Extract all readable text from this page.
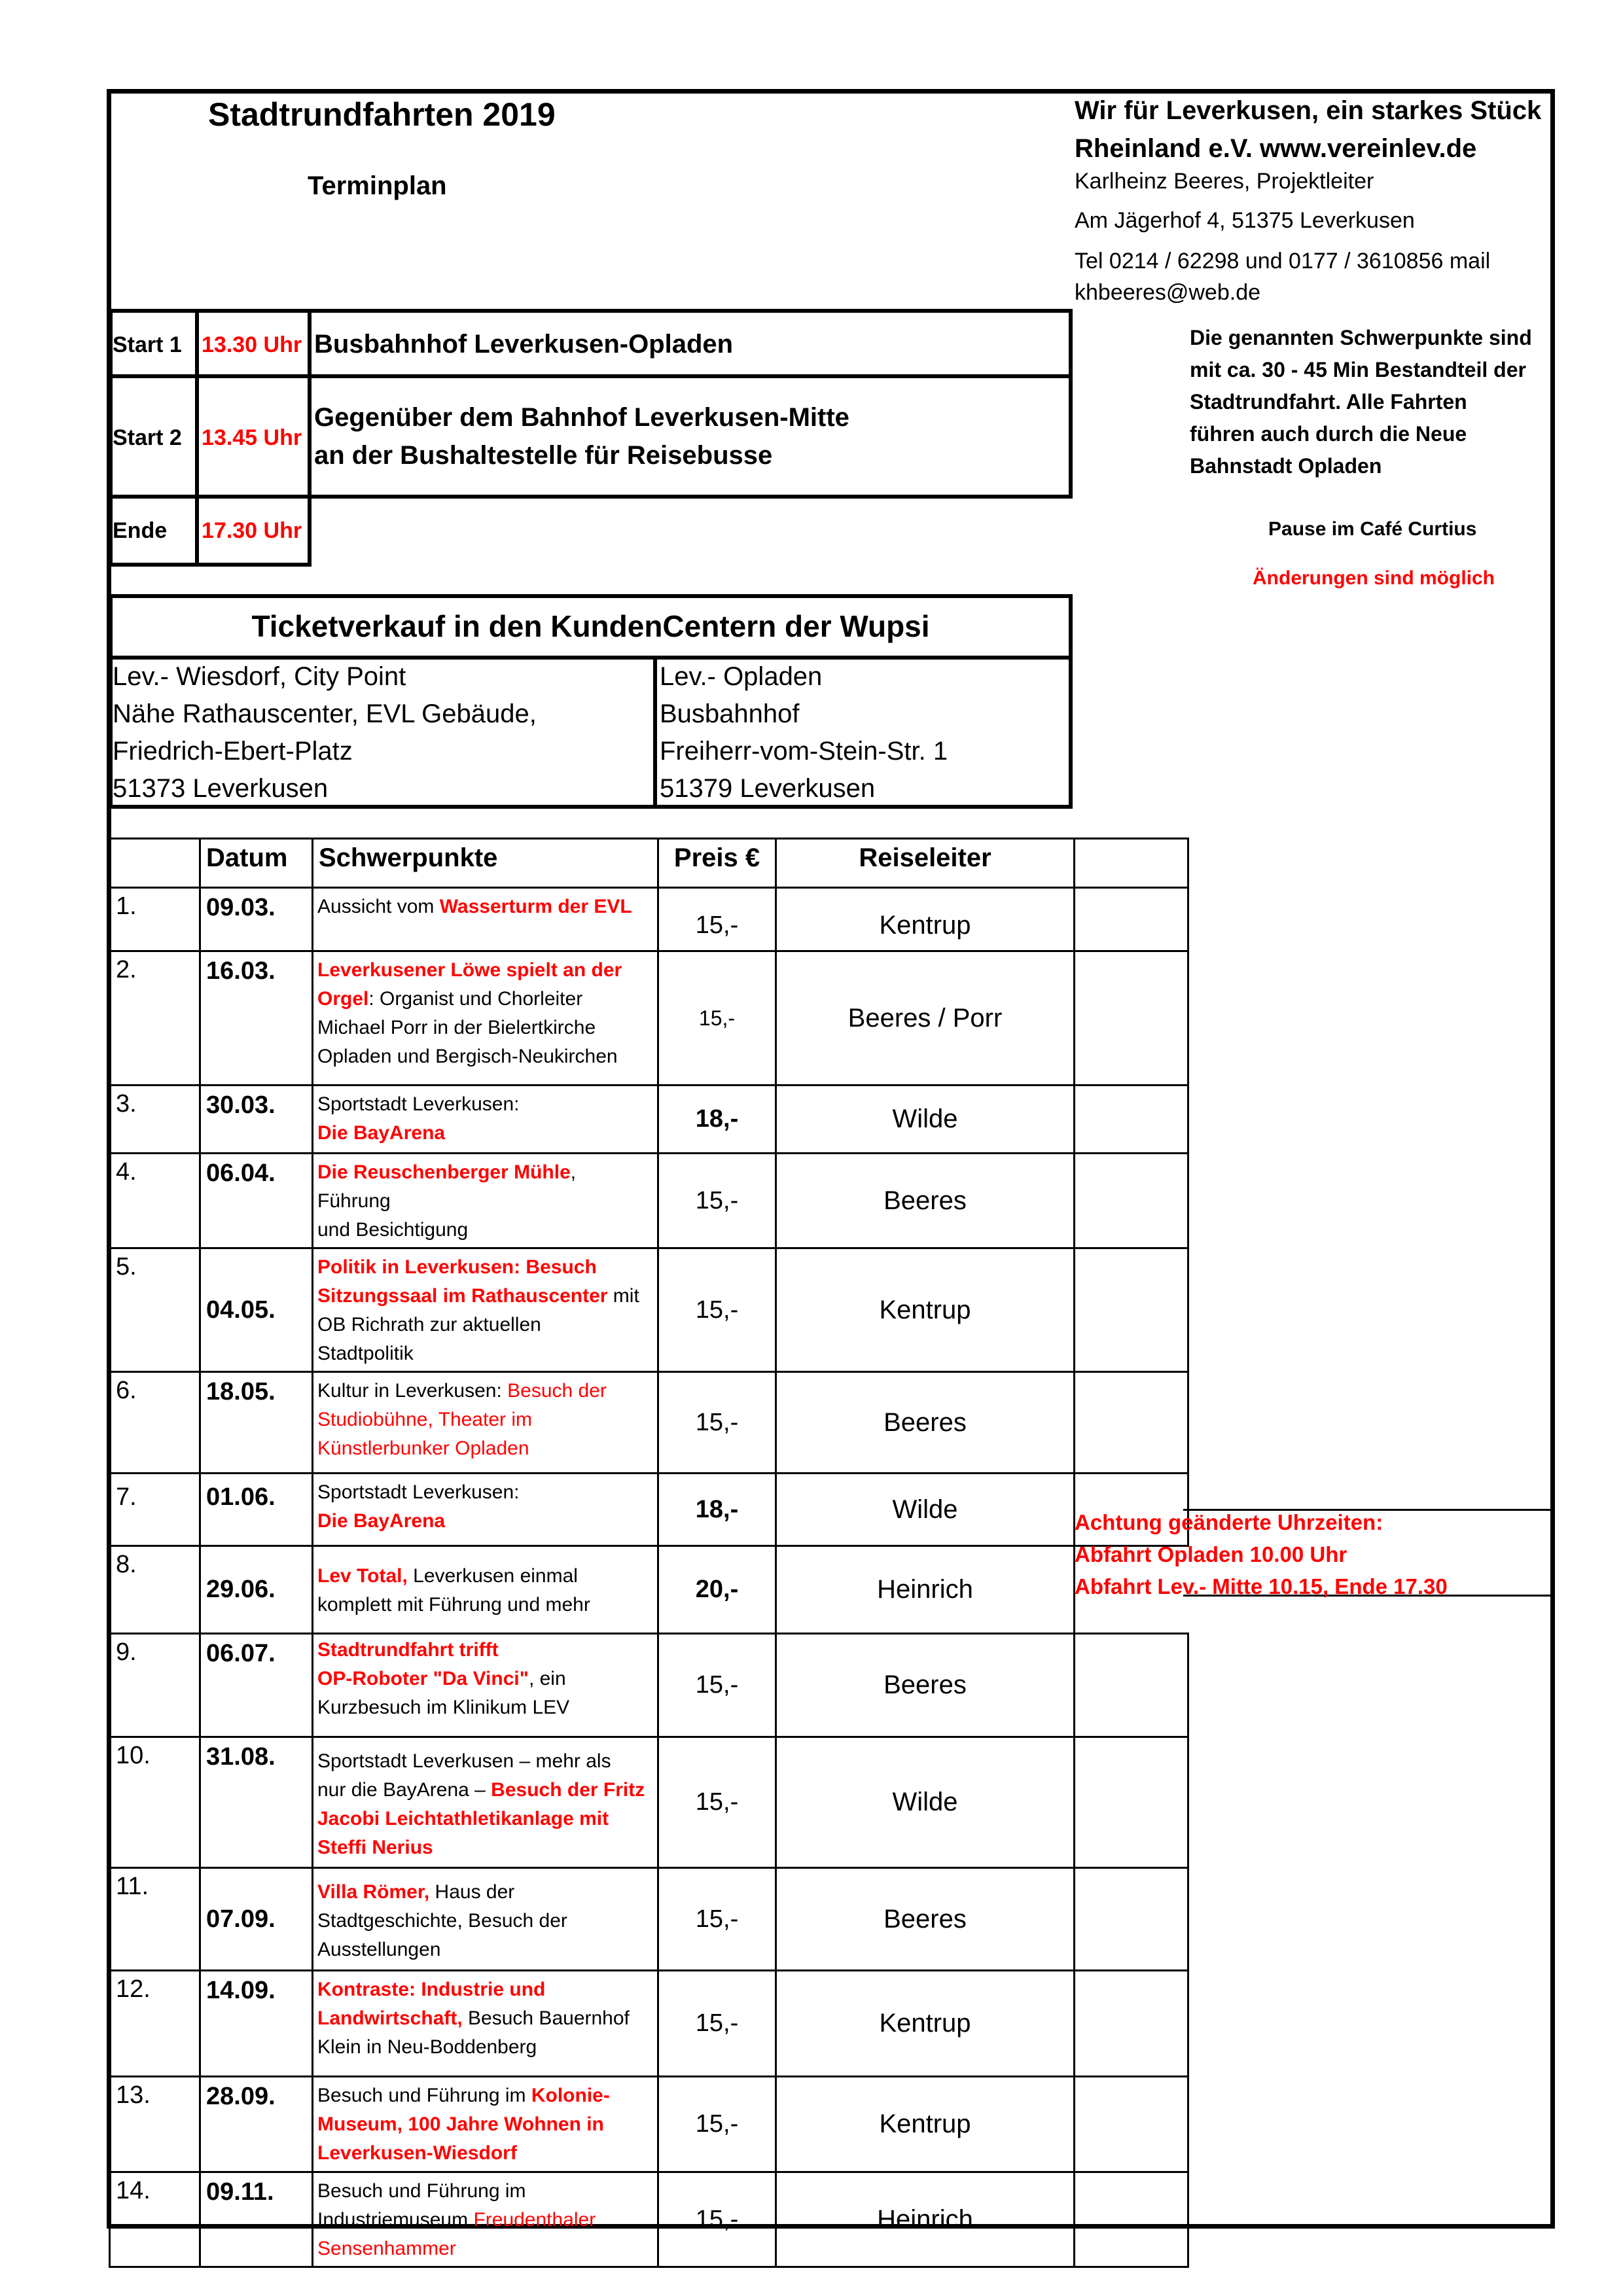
Stadtrundfahrten 2019
Terminplan
Wir für Leverkusen, ein starkes Stück
Rheinland e.V. www.vereinlev.de
Karlheinz Beeres, Projektleiter
Am Jägerhof 4, 51375 Leverkusen
Tel 0214 / 62298 und 0177 / 3610856 mail
khbeeres@web.de
Start 1 13.30 Uhr Busbahnhof Leverkusen-Opladen
Start 2 13.45 Uhr
Gegenüber dem Bahnhof Leverkusen-Mitte
an der Bushaltestelle für Reisebusse
Ende 17.30 Uhr
Die genannten Schwerpunkte sind
mit ca. 30 - 45 Min Bestandteil der
Stadtrundfahrt. Alle Fahrten
führen auch durch die Neue
Bahnstadt Opladen
Pause im Café Curtius
Änderungen sind möglich
Ticketverkauf in den KundenCentern der Wupsi
Lev.- Wiesdorf, City Point
Nähe Rathauscenter, EVL Gebäude,
Friedrich-Ebert-Platz
51373 Leverkusen
Lev.- Opladen
Busbahnhof
Freiherr-vom-Stein-Str. 1
51379 Leverkusen
	Datum	Schwerpunkte	Preis €	Reiseleiter	
1.	09.03.	Aussicht vom Wasserturm der EVL	15,-	Kentrup	
2.	16.03.	Leverkusener Löwe spielt an der
Orgel: Organist und Chorleiter
Michael Porr in der Bielertkirche
Opladen und Bergisch-Neukirchen	15,-	Beeres / Porr	
3.	30.03.	Sportstadt Leverkusen:
Die BayArena	18,-	Wilde	
4.	06.04.	Die Reuschenberger Mühle, Führung
und Besichtigung	15,-	Beeres	
5.	04.05.	Politik in Leverkusen: Besuch
Sitzungssaal im Rathauscenter mit
OB Richrath zur aktuellen
Stadtpolitik	15,-	Kentrup	
6.	18.05.	Kultur in Leverkusen: Besuch der
Studiobühne, Theater im
Künstlerbunker Opladen	15,-	Beeres	
7.	01.06.	Sportstadt Leverkusen:
Die BayArena	18,-	Wilde	
8.	29.06.	Lev Total, Leverkusen einmal
komplett mit Führung und mehr	20,-	Heinrich	
9.	06.07.	Stadtrundfahrt trifft
OP-Roboter "Da Vinci", ein
Kurzbesuch im Klinikum LEV	15,-	Beeres	
10.	31.08.	Sportstadt Leverkusen – mehr als
nur die BayArena – Besuch der Fritz
Jacobi Leichtathletikanlage mit
Steffi Nerius	15,-	Wilde	
11.	07.09.	Villa Römer, Haus der
Stadtgeschichte, Besuch der
Ausstellungen	15,-	Beeres	
12.	14.09.	Kontraste: Industrie und
Landwirtschaft, Besuch Bauernhof
Klein in Neu-Boddenberg	15,-	Kentrup	
13.	28.09.	Besuch und Führung im Kolonie-
Museum, 100 Jahre Wohnen in
Leverkusen-Wiesdorf	15,-	Kentrup	
14.	09.11.	Besuch und Führung im
Industriemuseum Freudenthaler
Sensenhammer	15,-	Heinrich	
Achtung geänderte Uhrzeiten:
Abfahrt Opladen 10.00 Uhr
Abfahrt Lev.- Mitte 10.15, Ende 17.30
